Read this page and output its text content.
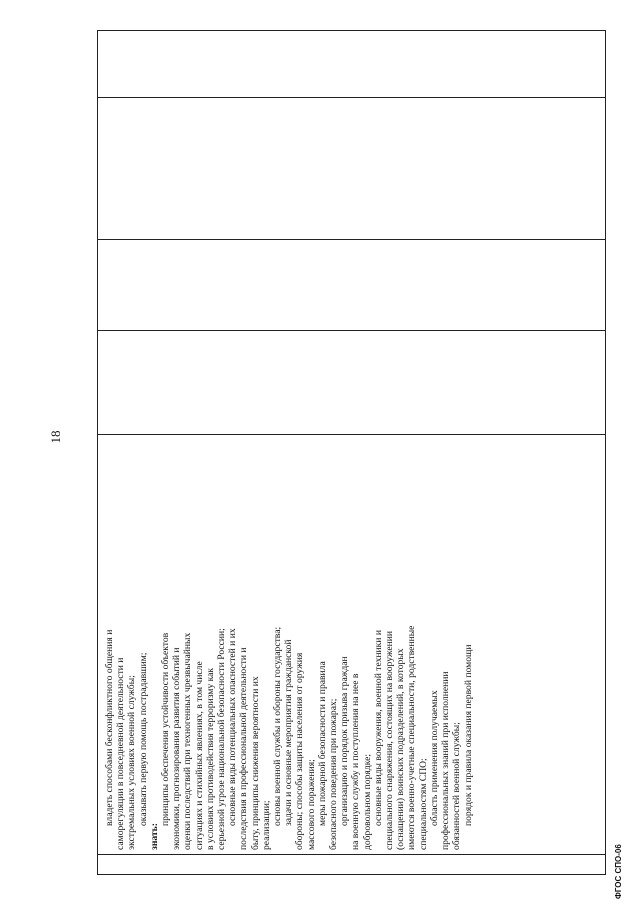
18
владеть способами бесконфликтного общения и саморегуляции в повседневной деятельности и экстремальных условиях военной службы; оказывать первую помощь пострадавшим;
знать:
принципы обеспечения устойчивости объектов экономики, прогнозирования развития событий и оценки последствий при техногенных чрезвычайных ситуациях и стихийных явлениях, в том числе в условиях противодействия терроризму как серьезной угрозе национальной безопасности России; основные виды потенциальных опасностей и их последствия в профессиональной деятельности и быту, принципы снижения вероятности их реализации; основы военной службы и обороны государства; задачи и основные мероприятия гражданской обороны; способы защиты населения от оружия массового поражения; меры пожарной безопасности и правила безопасного поведения при пожарах; организацию и порядок призыва граждан на военную службу и поступления на нее в добровольном порядке; основные виды вооружения, военной техники и специального снаряжения, состоящих на вооружении (оснащении) воинских подразделений, в которых имеются военно-учетные специальности, родственные специальностям СПО; область применения получаемых профессиональных знаний при исполнении обязанностей военной службы; порядок и правила оказания первой помощи
ФГОС СПО-06
